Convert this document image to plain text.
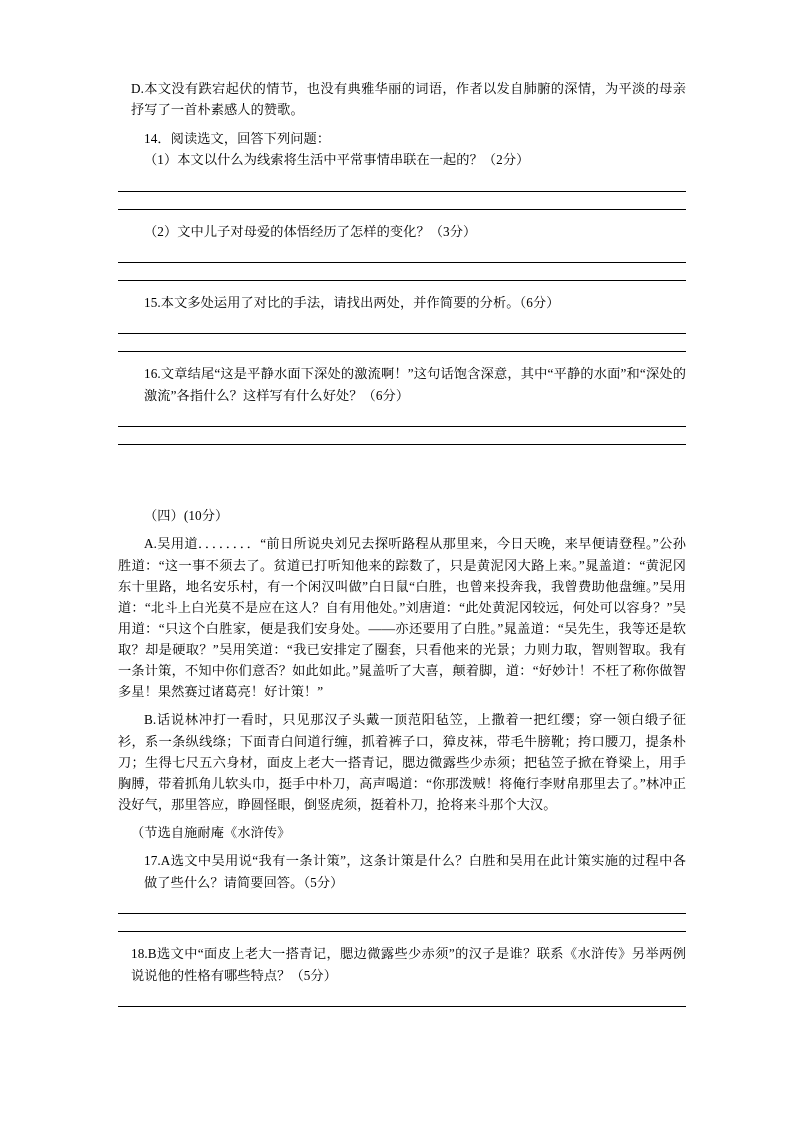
D.本文没有跌宕起伏的情节，也没有典雅华丽的词语，作者以发自肺腑的深情，为平淡的母亲抒写了一首朴素感人的赞歌。

14．阅读选文，回答下列问题：

（1）本文以什么为线索将生活中平常事情串联在一起的？（2分）

（2）文中儿子对母爱的体悟经历了怎样的变化？（3分）

15.本文多处运用了对比的手法，请找出两处，并作简要的分析。（6分）

16.文章结尾“这是平静水面下深处的激流啊！”这句话饱含深意，其中“平静的水面”和“深处的激流”各指什么？这样写有什么好处？（6分）

（四）(10分）

A.吴用道．．．．．．．．“前日所说央刘兄去探听路程从那里来，今日天晚，来早便请登程。”公孙胜道：“这一事不须去了。贫道已打听知他来的踪数了，只是黄泥冈大路上来。”晁盖道：“黄泥冈东十里路，地名安乐村，有一个闲汉叫做”白日鼠“白胜，也曾来投奔我，我曾费助他盘缠。”吴用道：“北斗上白光莫不是应在这人？自有用他处。”刘唐道：“此处黄泥冈较远，何处可以容身？”吴用道：“只这个白胜家，便是我们安身处。——亦还要用了白胜。”晁盖道：“吴先生，我等还是软取？却是硬取？”吴用笑道：“我已安排定了圈套，只看他来的光景；力则力取，智则智取。我有一条计策，不知中你们意否？如此如此。”晁盖听了大喜，颠着脚，道：“好妙计！不枉了称你做智多星！果然赛过诸葛亮！好计策！”

B.话说林冲打一看时，只见那汉子头戴一顶范阳毡笠，上撒着一把红缨；穿一领白缎子征衫，系一条纵线绦；下面青白间道行缠，抓着裤子口，獐皮袜，带毛牛膀靴；挎口腰刀，提条朴刀；生得七尺五六身材，面皮上老大一搭青记，腮边微露些少赤须；把毡笠子掀在脊梁上，用手胸膊，带着抓角儿软头巾，挺手中朴刀，高声喝道：“你那泼贼！将俺行李财帛那里去了。”林冲正没好气，那里答应，睁圆怪眼，倒竖虎须，挺着朴刀，抢将来斗那个大汉。

（节选自施耐庵《水浒传》

17.A选文中吴用说“我有一条计策”，这条计策是什么？白胜和吴用在此计策实施的过程中各做了些什么？请简要回答。（5分）

18.B选文中“面皮上老大一搭青记，腮边微露些少赤须”的汉子是谁？联系《水浒传》另举两例说说他的性格有哪些特点？（5分）
